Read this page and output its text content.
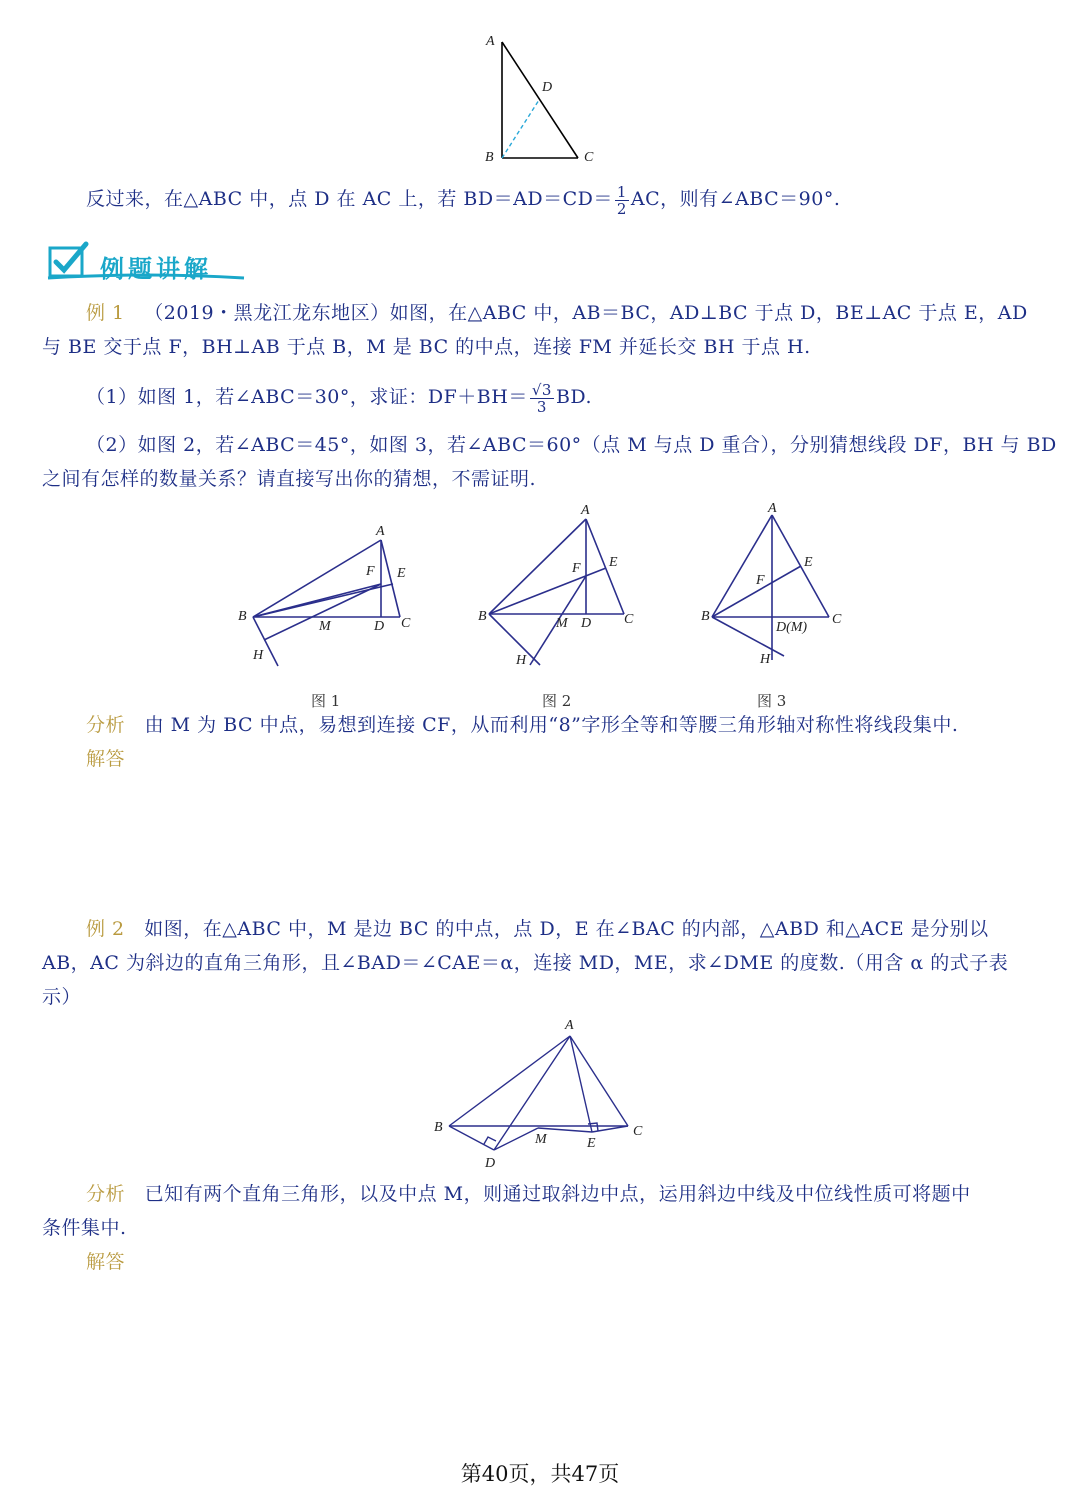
A
D
B	C
反过来，在△ABC 中，点 D 在 AC 上，若 $BD=AD=CD= \frac{1}{2}$ AC，则有∠ABC＝90°.
例题讲解
例 1 （2019・黑龙江龙东地区）如图，在△ABC 中，AB＝BC，AD⊥BC 于点 D，BE⊥AC 于点 E，AD
与 BE 交于点 F，BH⊥AB 于点 B，M 是 BC 的中点，连接 FM 并延长交 BH 于点 H.
（1）如图 1，若∠ABC＝30°，求证：$DF+BH= \frac{√3}{3}$ BD.
（2）如图 2，若∠ABC＝45°，如图 3，若∠ABC＝60°（点 M 与点 D 重合），分别猜想线段 DF，BH 与 BD
之间有怎样的数量关系？请直接写出你的猜想，不需证明.
A
F E
B
M	D C
H
图 1
A
F E
B	M D C
H
图 2
A
F
E
B
D(M)
C
H
图 3
分析 由 M 为 BC 中点，易想到连接 CF，从而利用“8”字形全等和等腰三角形轴对称性将线段集中.
解答
例 2 如图，在△ABC 中，M 是边 BC 的中点，点 D，E 在∠BAC 的内部，△ABD 和△ACE 是分别以
AB，AC 为斜边的直角三角形，且∠BAD＝∠CAE＝α，连接 MD，ME，求∠DME 的度数.（用含 α 的式子表
示）
A
B
M	E
C
D
分析 已知有两个直角三角形，以及中点 M，则通过取斜边中点，运用斜边中线及中位线性质可将题中
条件集中.
解答
第40页，共47页
